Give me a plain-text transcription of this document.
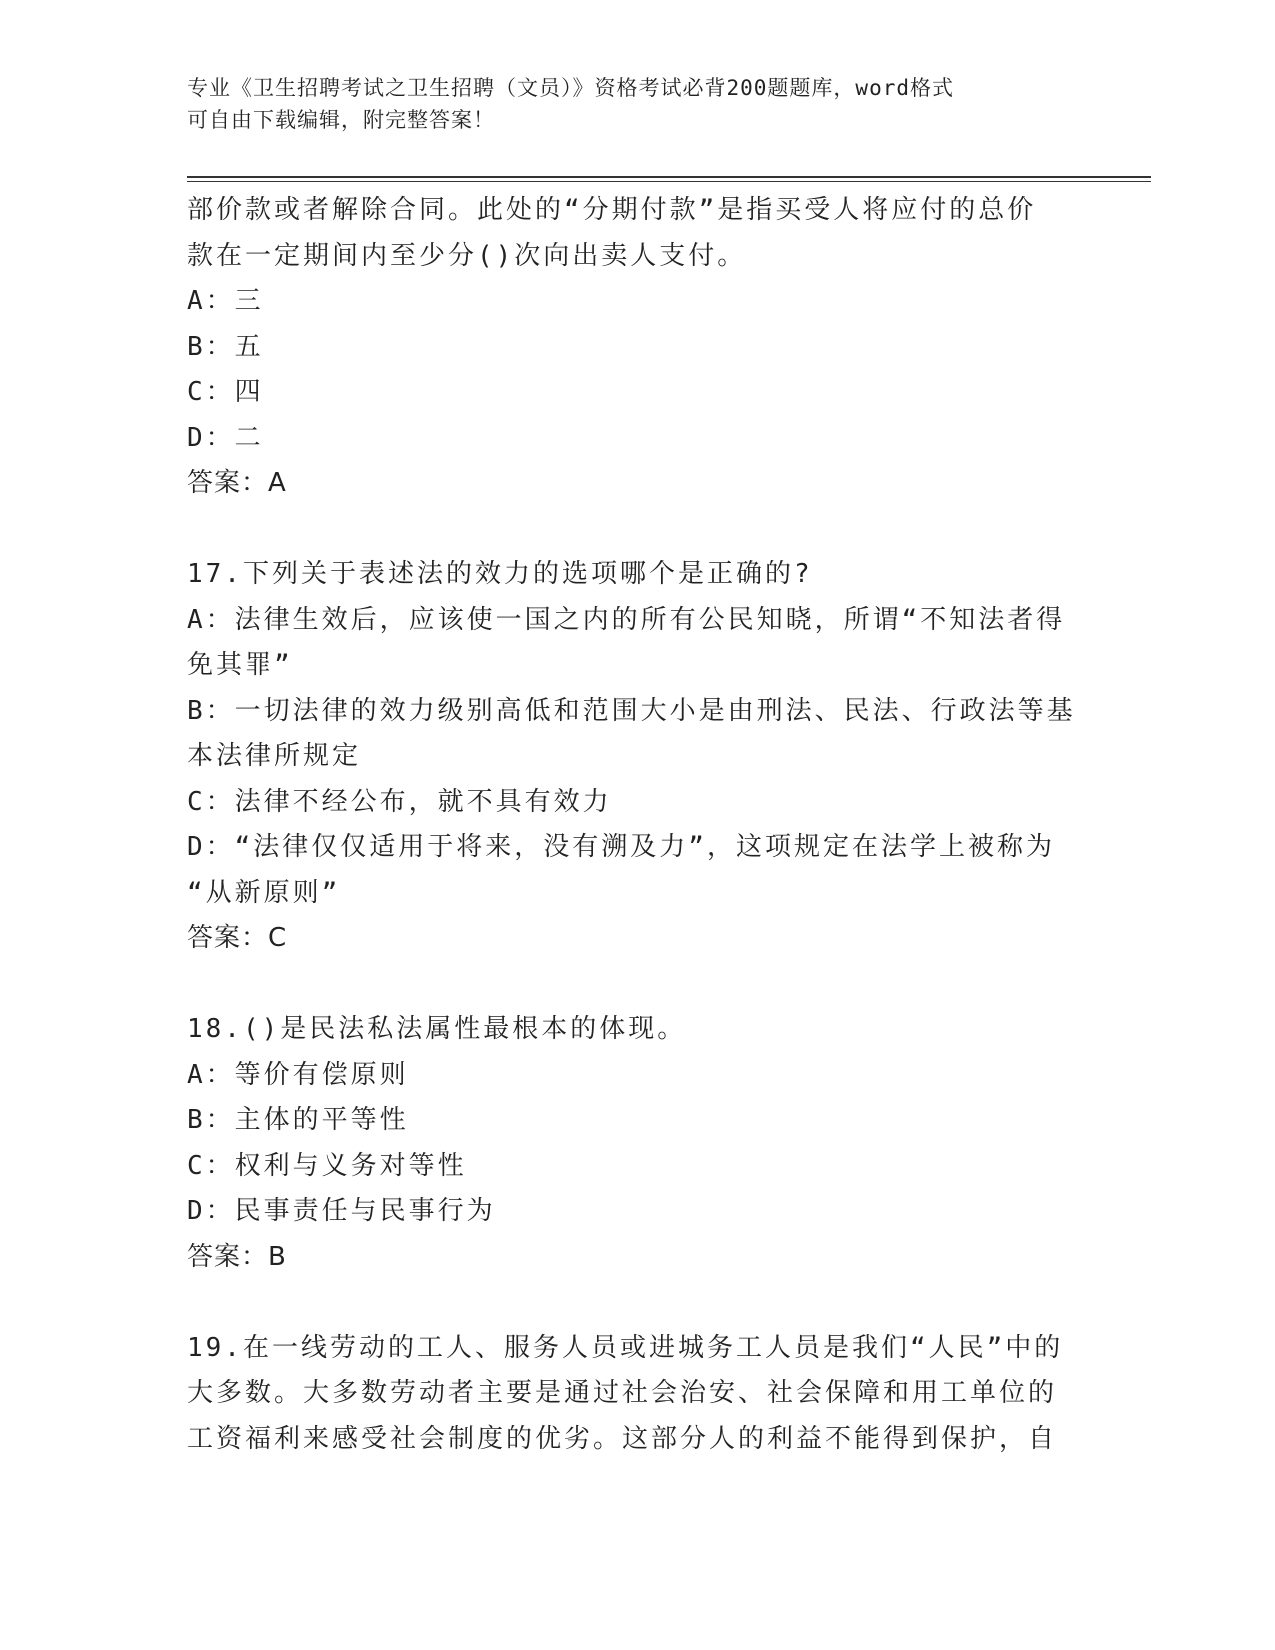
专业《卫生招聘考试之卫生招聘（文员）》资格考试必背200题题库，word格式
可自由下载编辑，附完整答案！
部价款或者解除合同。此处的“分期付款”是指买受人将应付的总价
款在一定期间内至少分()次向出卖人支付。
A：三
B：五
C：四
D：二
答案：A
17.下列关于表述法的效力的选项哪个是正确的?
A：法律生效后，应该使一国之内的所有公民知晓，所谓“不知法者得
免其罪”
B：一切法律的效力级别高低和范围大小是由刑法、民法、行政法等基
本法律所规定
C：法律不经公布，就不具有效力
D：“法律仅仅适用于将来，没有溯及力”，这项规定在法学上被称为
“从新原则”
答案：C
18.()是民法私法属性最根本的体现。
A：等价有偿原则
B：主体的平等性
C：权利与义务对等性
D：民事责任与民事行为
答案：B
19.在一线劳动的工人、服务人员或进城务工人员是我们“人民”中的
大多数。大多数劳动者主要是通过社会治安、社会保障和用工单位的
工资福利来感受社会制度的优劣。这部分人的利益不能得到保护，自
